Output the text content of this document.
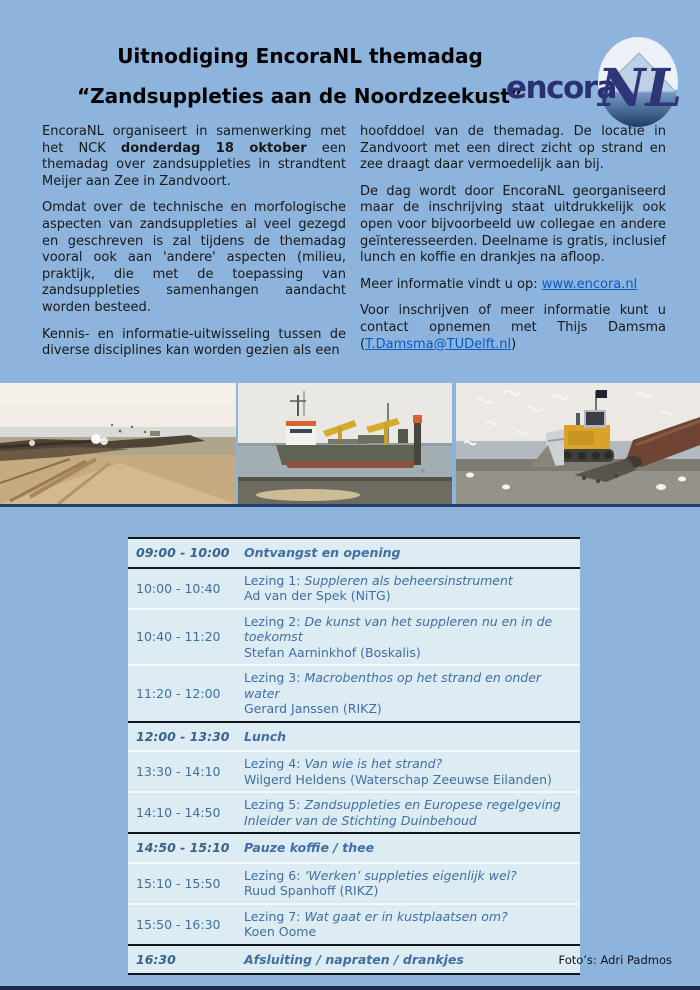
Uitnodiging EncoraNL themadag
“Zandsuppleties aan de Noordzeekust”
encora
NL

EncoraNL organiseert in samenwerking met het NCK donderdag 18 oktober een themadag over zandsuppleties in strandtent Meijer aan Zee in Zandvoort.

Omdat over de technische en morfologische aspecten van zandsuppleties al veel gezegd en geschreven is zal tijdens de themadag vooral ook aan 'andere' aspecten (milieu, praktijk, die met de toepassing van zandsuppleties samenhangen aandacht worden besteed.

Kennis- en informatie-uitwisseling tussen de diverse disciplines kan worden gezien als een

hoofddoel van de themadag. De locatie in Zandvoort met een direct zicht op strand en zee draagt daar vermoedelijk aan bij.

De dag wordt door EncoraNL georganiseerd maar de inschrijving staat uitdrukkelijk ook open voor bijvoorbeeld uw collegae en andere geïnteresseerden. Deelname is gratis, inclusief lunch en koffie en drankjes na afloop.

Meer informatie vindt u op: www.encora.nl

Voor inschrijven of meer informatie kunt u contact opnemen met Thijs Damsma (T.Damsma@TUDelft.nl)

09:00 - 10:00	Ontvangst en opening
10:00 - 10:40
Lezing 1: Suppleren als beheersinstrument
Ad van der Spek (NiTG)
10:40 - 11:20
Lezing 2: De kunst van het suppleren nu en in de toekomst
Stefan Aarninkhof (Boskalis)
11:20 - 12:00
Lezing 3: Macrobenthos op het strand en onder water
Gerard Janssen (RIKZ)
12:00 - 13:30	Lunch
13:30 - 14:10
Lezing 4: Van wie is het strand?
Wilgerd Heldens (Waterschap Zeeuwse Eilanden)
14:10 - 14:50
Lezing 5: Zandsuppleties en Europese regelgeving
Inleider van de Stichting Duinbehoud
14:50 - 15:10	Pauze koffie / thee
15:10 - 15:50
Lezing 6: ‘Werken’ suppleties eigenlijk wel?
Ruud Spanhoff (RIKZ)
15:50 - 16:30
Lezing 7: Wat gaat er in kustplaatsen om?
Koen Oome
16:30	Afsluiting / napraten / drankjes	Foto’s: Adri Padmos
